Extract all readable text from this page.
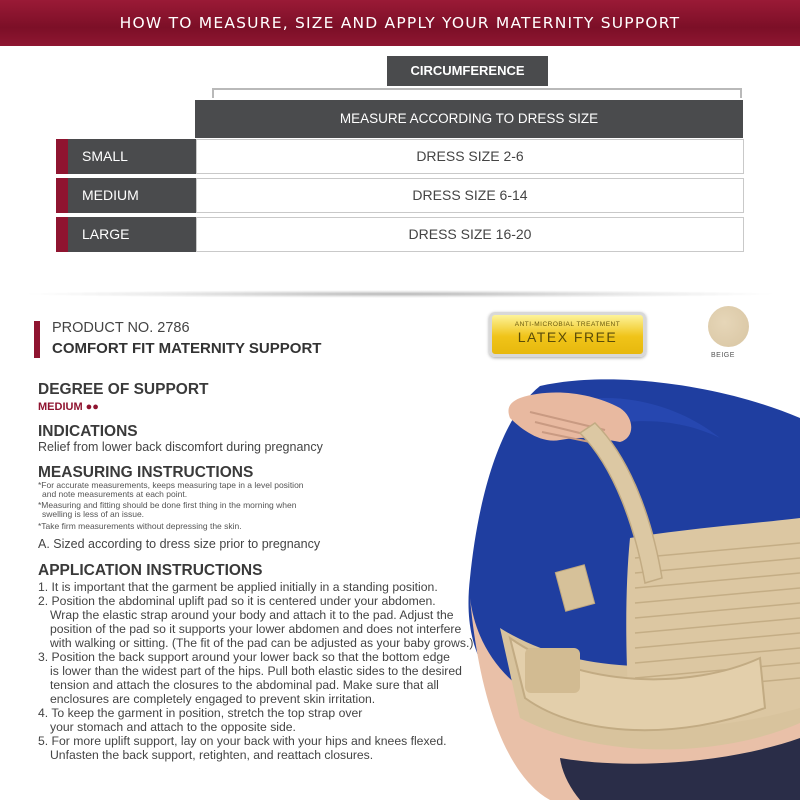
HOW TO MEASURE, SIZE AND APPLY YOUR MATERNITY SUPPORT
CIRCUMFERENCE
MEASURE ACCORDING TO DRESS SIZE
SMALL	DRESS SIZE 2-6
MEDIUM	DRESS SIZE 6-14
LARGE	DRESS SIZE 16-20
PRODUCT NO. 2786
COMFORT FIT MATERNITY SUPPORT
ANTI-MICROBIAL TREATMENT
LATEX FREE
BEIGE
DEGREE OF SUPPORT
MEDIUM ●●
INDICATIONS
Relief from lower back discomfort during pregnancy
MEASURING INSTRUCTIONS
*For accurate measurements, keeps measuring tape in a level position
and note measurements at each point.
*Measuring and fitting should be done first thing in the morning when
swelling is less of an issue.
*Take firm measurements without depressing the skin.
A. Sized according to dress size prior to pregnancy
APPLICATION INSTRUCTIONS
1. It is important that the garment be applied initially in a standing position.
2. Position the abdominal uplift pad so it is centered under your abdomen.
Wrap the elastic strap around your body and attach it to the pad. Adjust the
position of the pad so it supports your lower abdomen and does not interfere
with walking or sitting. (The fit of the pad can be adjusted as your baby grows.)
3. Position the back support around your lower back so that the bottom edge
is lower than the widest part of the hips. Pull both elastic sides to the desired
tension and attach the closures to the abdominal pad. Make sure that all
enclosures are completely engaged to prevent skin irritation.
4. To keep the garment in position, stretch the top strap over
your stomach and attach to the opposite side.
5. For more uplift support, lay on your back with your hips and knees flexed.
Unfasten the back support, retighten, and reattach closures.
